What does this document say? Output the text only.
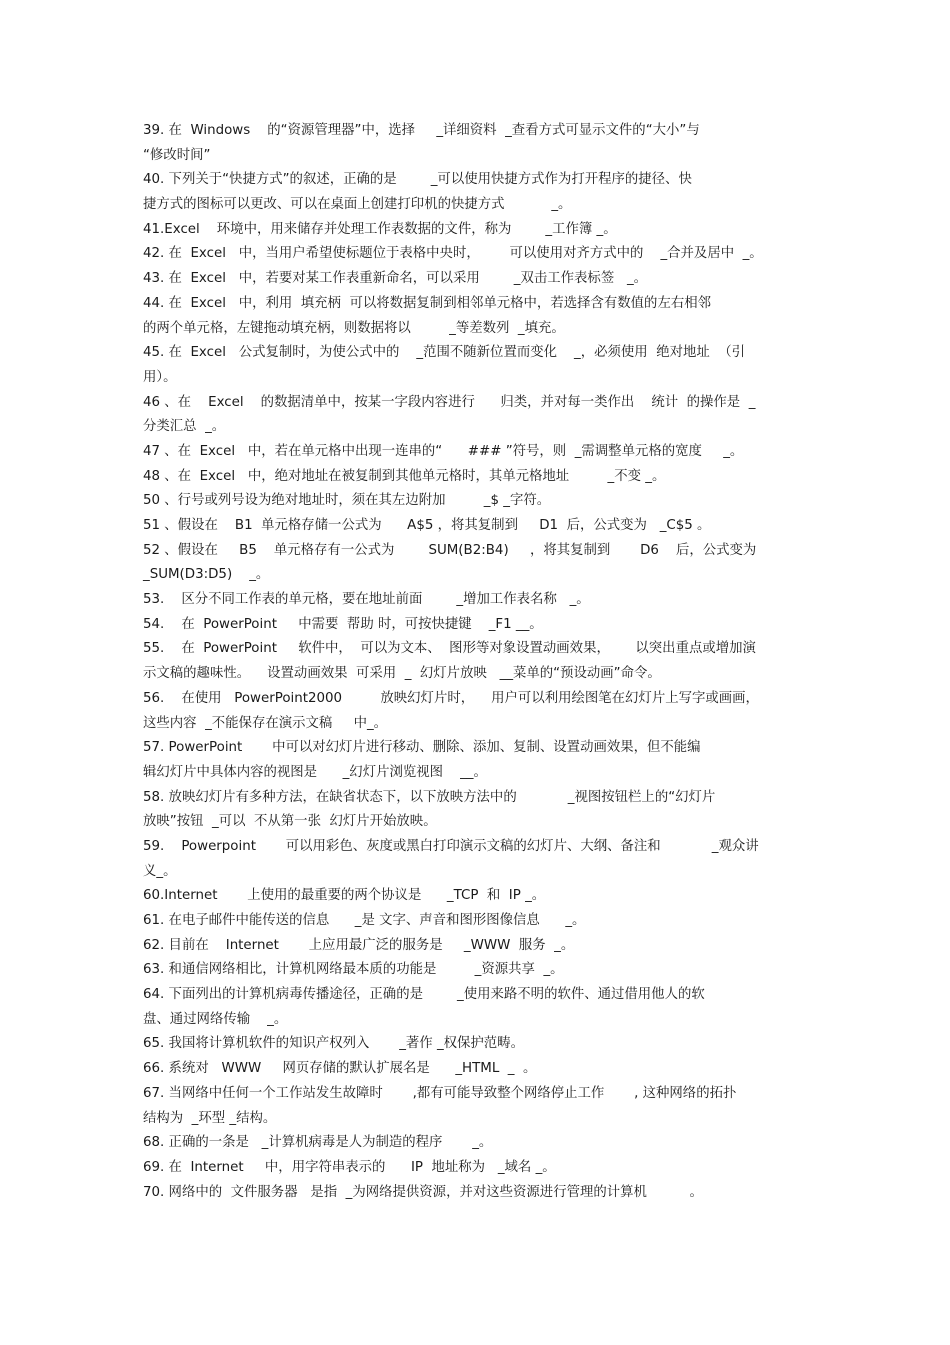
39. 在  Windows    的“资源管理器”中，选择     _详细资料  _查看方式可显示文件的“大小”与
“修改时间”
40. 下列关于“快捷方式”的叙述，正确的是        _可以使用快捷方式作为打开程序的捷径、快
捷方式的图标可以更改、可以在桌面上创建打印机的快捷方式           _。
41.Excel    环境中，用来储存并处理工作表数据的文件，称为        _工作簿 _。
42. 在  Excel   中，当用户希望使标题位于表格中央时，       可以使用对齐方式中的    _合并及居中  _。
43. 在  Excel   中，若要对某工作表重新命名，可以采用        _双击工作表标签   _。
44. 在  Excel   中，利用  填充柄  可以将数据复制到相邻单元格中，若选择含有数值的左右相邻
的两个单元格，左键拖动填充柄，则数据将以         _等差数列  _填充。
45. 在  Excel   公式复制时，为使公式中的    _范围不随新位置而变化    _，必须使用  绝对地址  （引
用）。
46 、在    Excel    的数据清单中，按某一字段内容进行      归类，并对每一类作出    统计  的操作是  _
分类汇总  _。
47 、在  Excel   中，若在单元格中出现一连串的“      ### ”符号，则  _需调整单元格的宽度     _。
48 、在  Excel   中，绝对地址在被复制到其他单元格时，其单元格地址         _不变 _。
50 、行号或列号设为绝对地址时，须在其左边附加         _$ _字符。
51 、假设在    B1  单元格存储一公式为      A$5 ，将其复制到     D1  后，公式变为   _C$5 。
52 、假设在     B5    单元格存有一公式为        SUM(B2:B4)     ，将其复制到       D6    后，公式变为
_SUM(D3:D5)    _。
53.    区分不同工作表的单元格，要在地址前面        _增加工作表名称   _。
54.    在  PowerPoint     中需要  帮助 时，可按快捷键    _F1 __。
55.    在  PowerPoint     软件中，  可以为文本、  图形等对象设置动画效果，      以突出重点或增加演
示文稿的趣味性。    设置动画效果  可采用  _  幻灯片放映   __菜单的“预设动画”命令。
56.    在使用   PowerPoint2000         放映幻灯片时，    用户可以利用绘图笔在幻灯片上写字或画画，
这些内容  _不能保存在演示文稿     中_。
57. PowerPoint       中可以对幻灯片进行移动、删除、添加、复制、设置动画效果，但不能编
辑幻灯片中具体内容的视图是      _幻灯片浏览视图    __。
58. 放映幻灯片有多种方法，在缺省状态下，以下放映方法中的            _视图按钮栏上的“幻灯片
放映”按钮  _可以  不从第一张  幻灯片开始放映。
59.    Powerpoint       可以用彩色、灰度或黑白打印演示文稿的幻灯片、大纲、备注和            _观众讲
义_。
60.Internet       上使用的最重要的两个协议是      _TCP  和  IP _。
61. 在电子邮件中能传送的信息      _是 文字、声音和图形图像信息      _。
62. 目前在    Internet       上应用最广泛的服务是     _WWW  服务  _。
63. 和通信网络相比，计算机网络最本质的功能是         _资源共享  _。
64. 下面列出的计算机病毒传播途径，正确的是        _使用来路不明的软件、通过借用他人的软
盘、通过网络传输    _。
65. 我国将计算机软件的知识产权列入       _著作 _权保护范畴。
66. 系统对   WWW     网页存储的默认扩展名是      _HTML  _  。
67. 当网络中任何一个工作站发生故障时       ,都有可能导致整个网络停止工作       , 这种网络的拓扑
结构为  _环型 _结构。
68. 正确的一条是   _计算机病毒是人为制造的程序       _。
69. 在  Internet     中，用字符串表示的      IP  地址称为   _域名 _。
70. 网络中的  文件服务器   是指  _为网络提供资源，并对这些资源进行管理的计算机          。
